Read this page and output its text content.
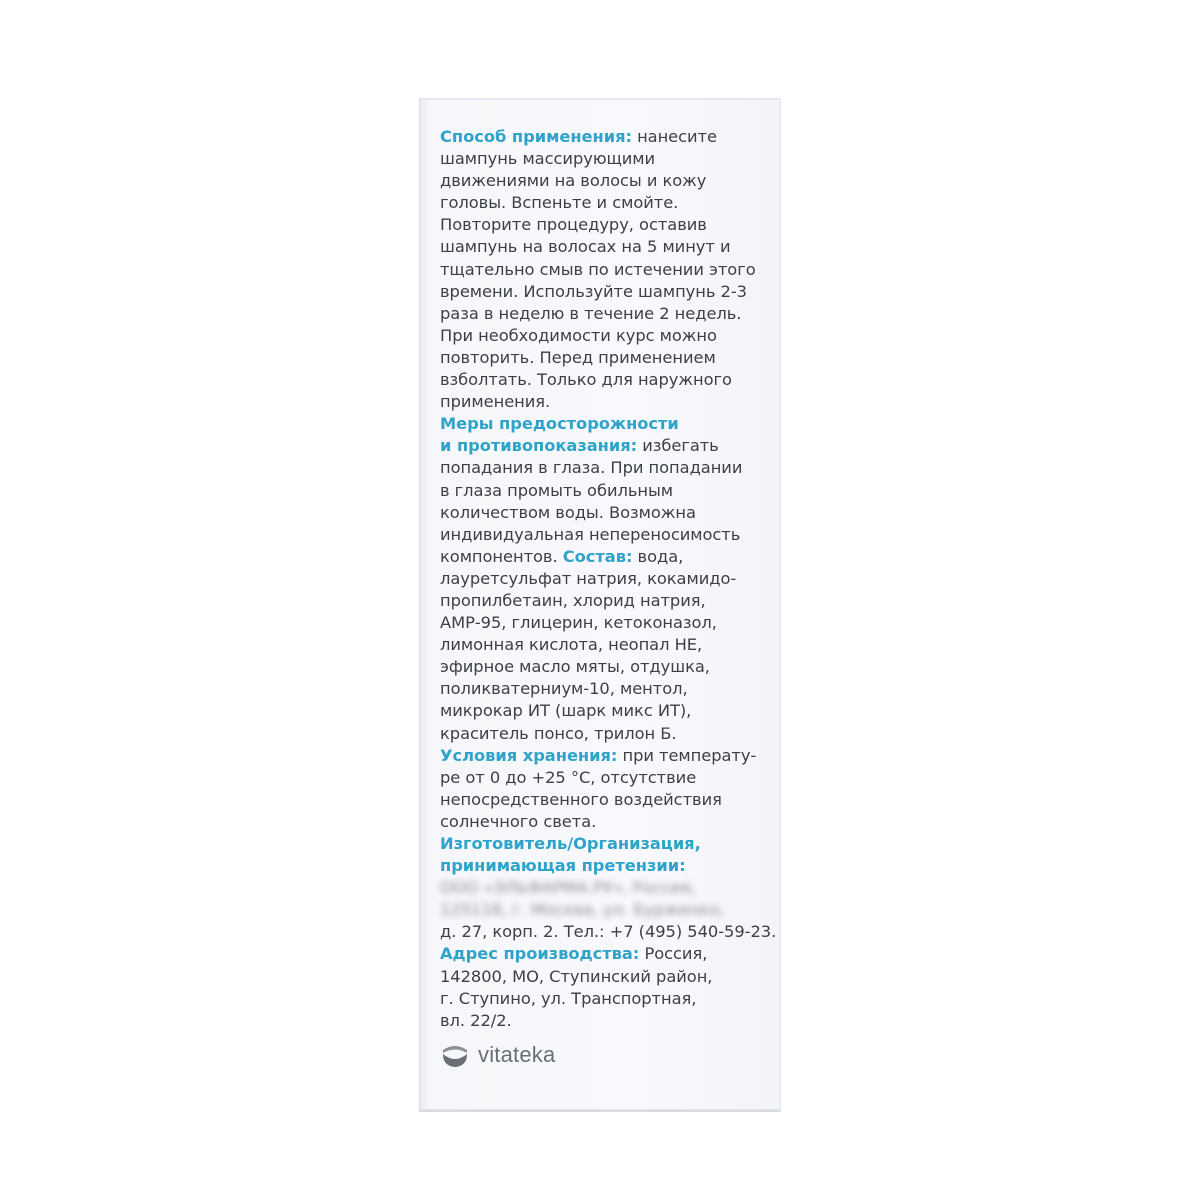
Способ применения: нанесите
шампунь массирующими
движениями на волосы и кожу
головы. Вспеньте и смойте.
Повторите процедуру, оставив
шампунь на волосах на 5 минут и
тщательно смыв по истечении этого
времени. Используйте шампунь 2-3
раза в неделю в течение 2 недель.
При необходимости курс можно
повторить. Перед применением
взболтать. Только для наружного
применения.
Меры предосторожности
и противопоказания: избегать
попадания в глаза. При попадании
в глаза промыть обильным
количеством воды. Возможна
индивидуальная непереносимость
компонентов. Состав: вода,
лауретсульфат натрия, кокамидо-
пропилбетаин, хлорид натрия,
АМР-95, глицерин, кетоконазол,
лимонная кислота, неопал НЕ,
эфирное масло мяты, отдушка,
поликватерниум-10, ментол,
микрокар ИТ (шарк микс ИТ),
краситель понсо, трилон Б.
Условия хранения: при температу-
ре от 0 до +25 °С, отсутствие
непосредственного воздействия
солнечного света.
Изготовитель/Организация,
принимающая претензии:
ООО «ЭЛЬФАРМА.РУ», Россия,
125118, г. Москва, ул. Бурженко,
д. 27, корп. 2. Тел.: +7 (495) 540-59-23.
Адрес производства: Россия,
142800, МО, Ступинский район,
г. Ступино, ул. Транспортная,
вл. 22/2.
vitateka
